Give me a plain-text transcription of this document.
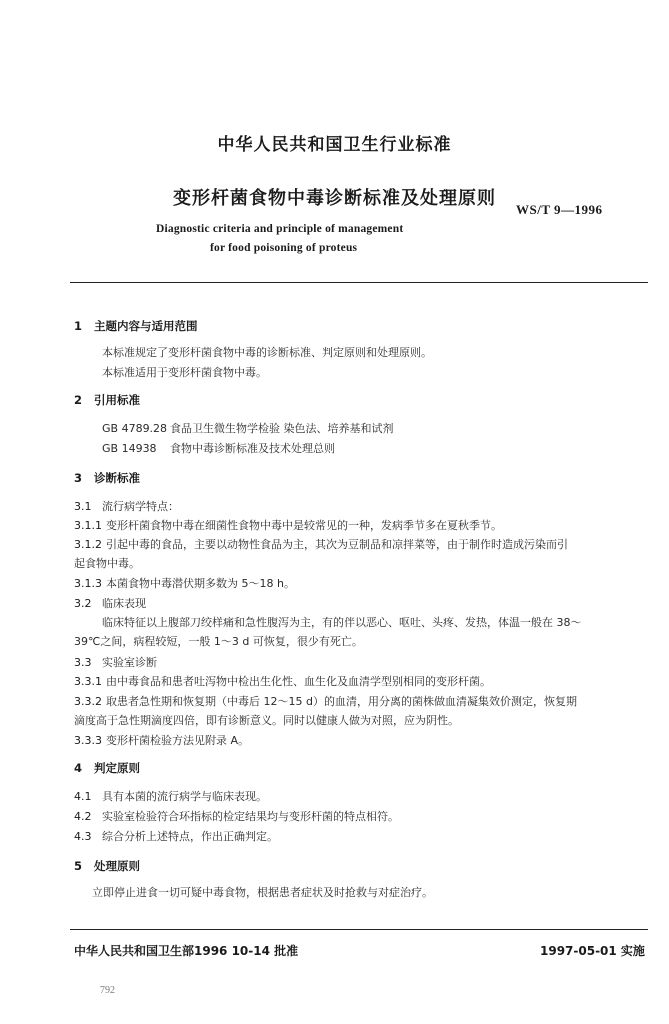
中华人民共和国卫生行业标准
变形杆菌食物中毒诊断标准及处理原则
WS/T 9—1996
Diagnostic criteria and principle of management
for food poisoning of proteus
1 主题内容与适用范围
本标准规定了变形杆菌食物中毒的诊断标准、判定原则和处理原则。
本标准适用于变形杆菌食物中毒。
2 引用标准
GB 4789.28 食品卫生微生物学检验 染色法、培养基和试剂
GB 14938 食物中毒诊断标准及技术处理总则
3 诊断标准
3.1 流行病学特点：
3.1.1 变形杆菌食物中毒在细菌性食物中毒中是较常见的一种，发病季节多在夏秋季节。
3.1.2 引起中毒的食品，主要以动物性食品为主，其次为豆制品和凉拌菜等，由于制作时造成污染而引
起食物中毒。
3.1.3 本菌食物中毒潜伏期多数为 5～18 h。
3.2 临床表现
临床特征以上腹部刀绞样痛和急性腹泻为主，有的伴以恶心、呕吐、头疼、发热，体温一般在 38～
39℃之间，病程较短，一般 1～3 d 可恢复，很少有死亡。
3.3 实验室诊断
3.3.1 由中毒食品和患者吐泻物中检出生化性、血生化及血清学型别相同的变形杆菌。
3.3.2 取患者急性期和恢复期（中毒后 12～15 d）的血清，用分离的菌株做血清凝集效价测定，恢复期
滴度高于急性期滴度四倍，即有诊断意义。同时以健康人做为对照，应为阴性。
3.3.3 变形杆菌检验方法见附录 A。
4 判定原则
4.1 具有本菌的流行病学与临床表现。
4.2 实验室检验符合环指标的检定结果均与变形杆菌的特点相符。
4.3 综合分析上述特点，作出正确判定。
5 处理原则
立即停止进食一切可疑中毒食物，根据患者症状及时抢救与对症治疗。
中华人民共和国卫生部1996 10-14 批准	1997-05-01 实施
792
